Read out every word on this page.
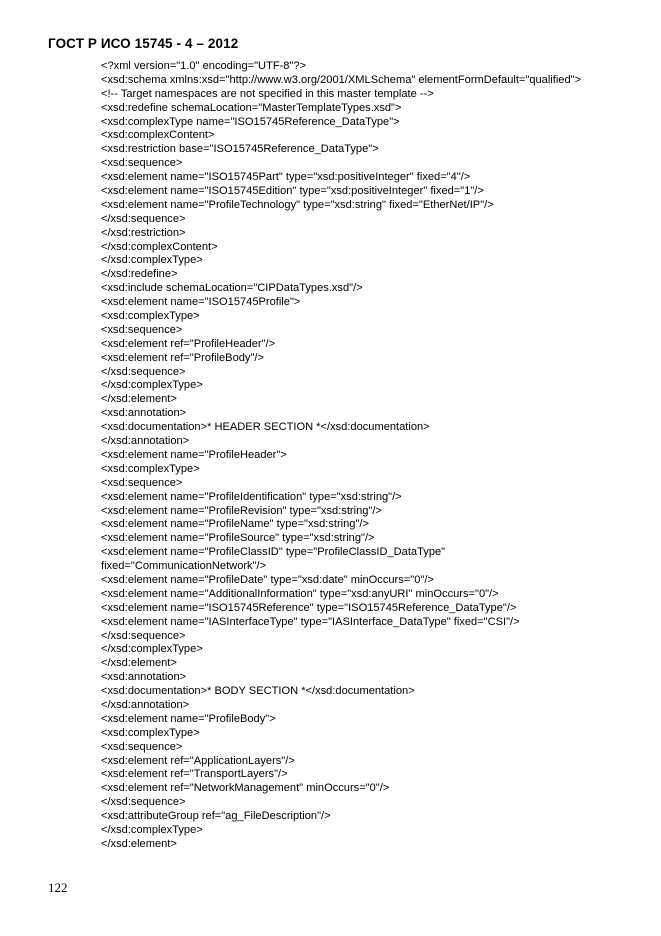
ГОСТ Р ИСО 15745 - 4 – 2012
<?xml version="1.0" encoding="UTF-8"?>
<xsd:schema xmlns:xsd="http://www.w3.org/2001/XMLSchema" elementFormDefault="qualified">
<!-- Target namespaces are not specified in this master template -->
<xsd:redefine schemaLocation="MasterTemplateTypes.xsd">
<xsd:complexType name="ISO15745Reference_DataType">
<xsd:complexContent>
<xsd:restriction base="ISO15745Reference_DataType">
<xsd:sequence>
<xsd:element name="ISO15745Part" type="xsd:positiveInteger" fixed="4"/>
<xsd:element name="ISO15745Edition" type="xsd:positiveInteger" fixed="1"/>
<xsd:element name="ProfileTechnology" type="xsd:string" fixed="EtherNet/IP"/>
</xsd:sequence>
</xsd:restriction>
</xsd:complexContent>
</xsd:complexType>
</xsd:redefine>
<xsd:include schemaLocation="CIPDataTypes.xsd"/>
<xsd:element name="ISO15745Profile">
<xsd:complexType>
<xsd:sequence>
<xsd:element ref="ProfileHeader"/>
<xsd:element ref="ProfileBody"/>
</xsd:sequence>
</xsd:complexType>
</xsd:element>
<xsd:annotation>
<xsd:documentation>* HEADER SECTION *</xsd:documentation>
</xsd:annotation>
<xsd:element name="ProfileHeader">
<xsd:complexType>
<xsd:sequence>
<xsd:element name="ProfileIdentification" type="xsd:string"/>
<xsd:element name="ProfileRevision" type="xsd:string"/>
<xsd:element name="ProfileName" type="xsd:string"/>
<xsd:element name="ProfileSource" type="xsd:string"/>
<xsd:element name="ProfileClassID" type="ProfileClassID_DataType"
fixed="CommunicationNetwork"/>
<xsd:element name="ProfileDate" type="xsd:date" minOccurs="0"/>
<xsd:element name="AdditionalInformation" type="xsd:anyURI" minOccurs="0"/>
<xsd:element name="ISO15745Reference" type="ISO15745Reference_DataType"/>
<xsd:element name="IASInterfaceType" type="IASInterface_DataType" fixed="CSI"/>
</xsd:sequence>
</xsd:complexType>
</xsd:element>
<xsd:annotation>
<xsd:documentation>* BODY SECTION *</xsd:documentation>
</xsd:annotation>
<xsd:element name="ProfileBody">
<xsd:complexType>
<xsd:sequence>
<xsd:element ref="ApplicationLayers"/>
<xsd:element ref="TransportLayers"/>
<xsd:element ref="NetworkManagement" minOccurs="0"/>
</xsd:sequence>
<xsd:attributeGroup ref="ag_FileDescription"/>
</xsd:complexType>
</xsd:element>
122
